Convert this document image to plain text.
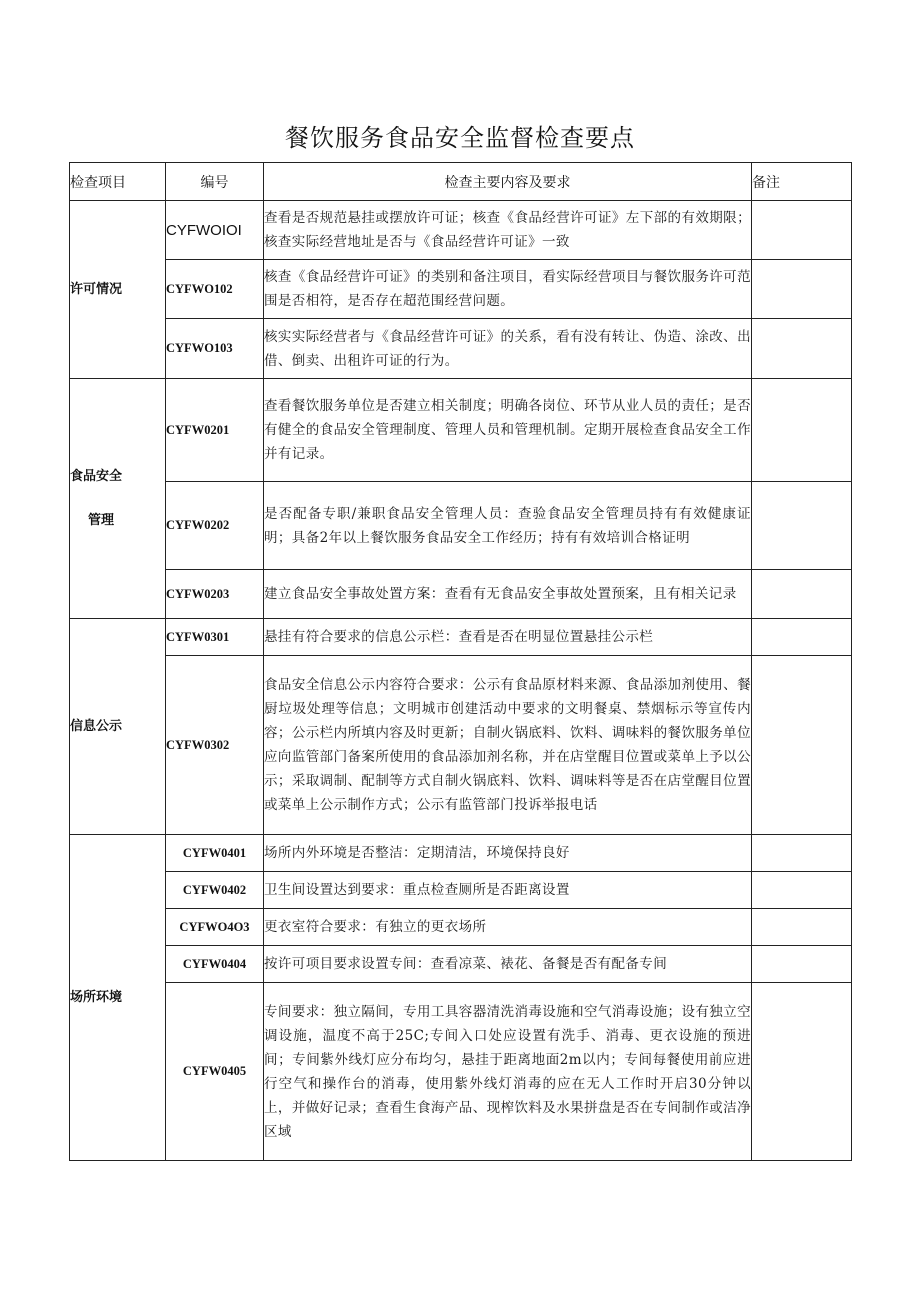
餐饮服务食品安全监督检查要点
检查项目	编号	检查主要内容及要求	备注
许可情况	CYFWOIOI	查看是否规范悬挂或摆放许可证；核查《食品经营许可证》左下部的有效期限；核查实际经营地址是否与《食品经营许可证》一致	
	CYFWO102	核查《食品经营许可证》的类别和备注项目，看实际经营项目与餐饮服务许可范围是否相符，是否存在超范围经营问题。	
	CYFWO103	核实实际经营者与《食品经营许可证》的关系，看有没有转让、伪造、涂改、出借、倒卖、出租许可证的行为。	

食品安全
管理	CYFW0201	查看餐饮服务单位是否建立相关制度；明确各岗位、环节从业人员的责任；是否有健全的食品安全管理制度、管理人员和管理机制。定期开展检查食品安全工作并有记录。	
	CYFW0202	是否配备专职/兼职食品安全管理人员：查验食品安全管理员持有有效健康证明；具备2年以上餐饮服务食品安全工作经历；持有有效培训合格证明	
	CYFW0203	建立食品安全事故处置方案：查看有无食品安全事故处置预案，且有相关记录	
信息公示	CYFW0301	悬挂有符合要求的信息公示栏：查看是否在明显位置悬挂公示栏	
	CYFW0302	食品安全信息公示内容符合要求：公示有食品原材料来源、食品添加剂使用、餐厨垃圾处理等信息；文明城市创建活动中要求的文明餐桌、禁烟标示等宣传内容；公示栏内所填内容及时更新；自制火锅底料、饮料、调味料的餐饮服务单位应向监管部门备案所使用的食品添加剂名称，并在店堂醒目位置或菜单上予以公示；采取调制、配制等方式自制火锅底料、饮料、调味料等是否在店堂醒目位置或菜单上公示制作方式；公示有监管部门投诉举报电话	
场所环境	CYFW0401	场所内外环境是否整洁：定期清洁，环境保持良好	
	CYFW0402	卫生间设置达到要求：重点检查厕所是否距离设置	
	CYFWO4O3	更衣室符合要求：有独立的更衣场所	
	CYFW0404	按许可项目要求设置专间：查看凉菜、裱花、备餐是否有配备专间	
	CYFW0405	专间要求：独立隔间，专用工具容器清洗消毒设施和空气消毒设施；设有独立空调设施，温度不高于25C;专间入口处应设置有洗手、消毒、更衣设施的预进间；专间紫外线灯应分布均匀，悬挂于距离地面2m以内；专间每餐使用前应进行空气和操作台的消毒，使用紫外线灯消毒的应在无人工作时开启30分钟以上，并做好记录；查看生食海产品、现榨饮料及水果拼盘是否在专间制作或洁净区域	
